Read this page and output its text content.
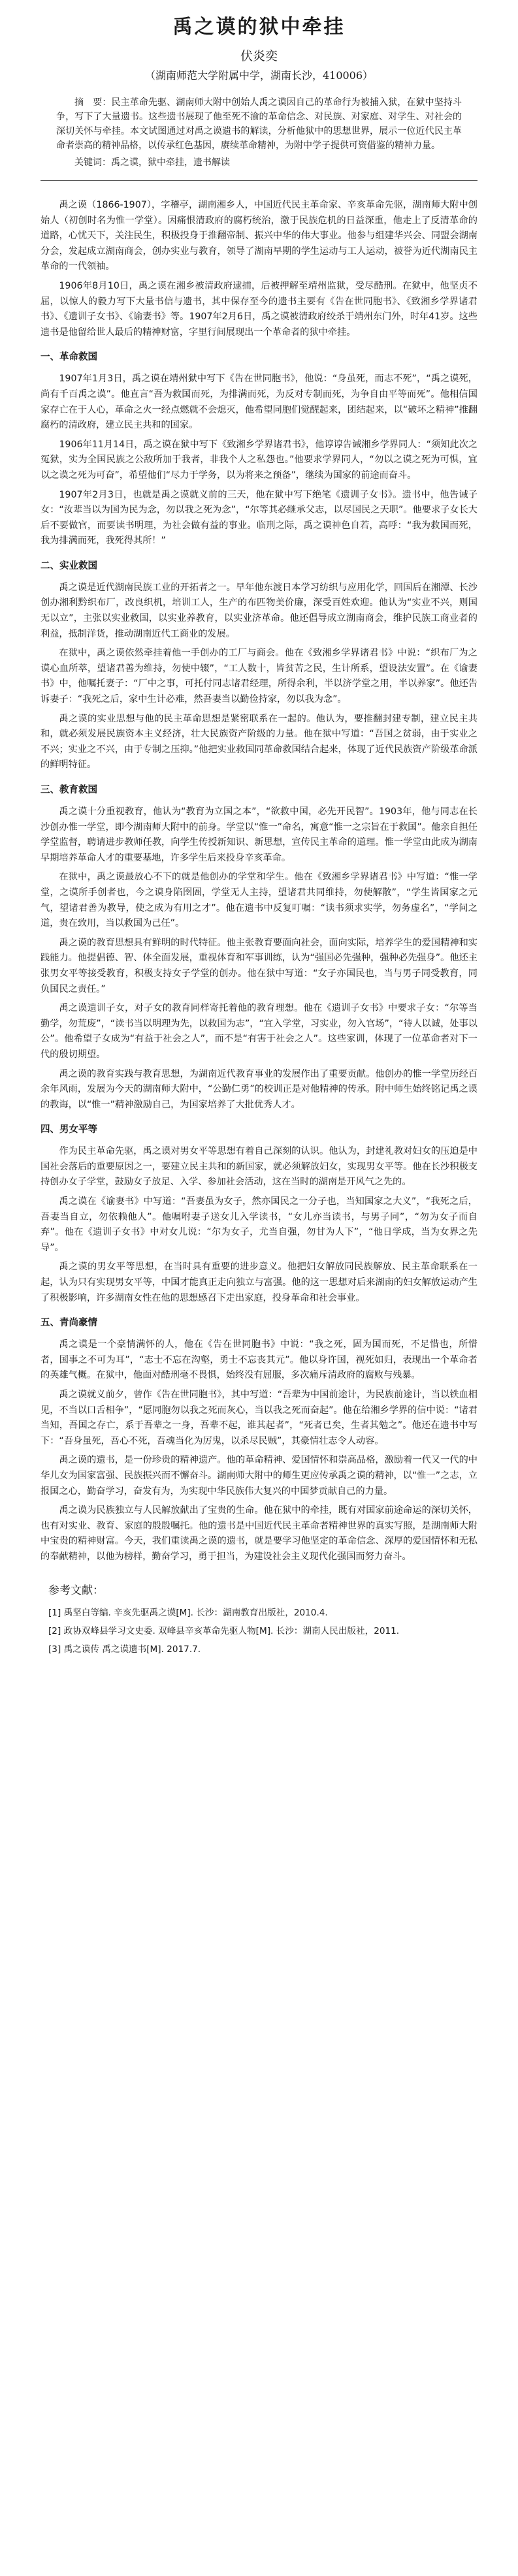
禹之谟的狱中牵挂
伏炎奕
（湖南师范大学附属中学，湖南长沙，410006）
摘　要：民主革命先驱、湖南师大附中创始人禹之谟因自己的革命行为被捕入狱，在狱中坚持斗争，写下了大量遗书。这些遗书展现了他至死不渝的革命信念、对民族、对家庭、对学生、对社会的深切关怀与牵挂。本文试图通过对禹之谟遗书的解读，分析他狱中的思想世界，展示一位近代民主革命者崇高的精神品格，以传承红色基因，赓续革命精神，为附中学子提供可资借鉴的精神力量。
关键词：禹之谟，狱中牵挂，遗书解读

禹之谟（1866-1907），字稽亭，湖南湘乡人，中国近代民主革命家、辛亥革命先驱，湖南师大附中创始人（初创时名为惟一学堂）。因痛恨清政府的腐朽统治，激于民族危机的日益深重，他走上了反清革命的道路，心忧天下，关注民生，积极投身于推翻帝制、振兴中华的伟大事业。他参与组建华兴会、同盟会湖南分会，发起成立湖南商会，创办实业与教育，领导了湖南早期的学生运动与工人运动，被誉为近代湖南民主革命的一代领袖。

1906年8月10日，禹之谟在湘乡被清政府逮捕，后被押解至靖州监狱，受尽酷刑。在狱中，他坚贞不屈，以惊人的毅力写下大量书信与遗书，其中保存至今的遗书主要有《告在世同胞书》、《致湘乡学界诸君书》、《遗训子女书》、《谕妻书》等。1907年2月6日，禹之谟被清政府绞杀于靖州东门外，时年41岁。这些遗书是他留给世人最后的精神财富，字里行间展现出一个革命者的狱中牵挂。

一、革命救国

1907年1月3日，禹之谟在靖州狱中写下《告在世同胞书》，他说：“身虽死，而志不死”，“禹之谟死，尚有千百禹之谟”。他直言“吾为救国而死，为排满而死，为反对专制而死，为争自由平等而死”。他相信国家存亡在于人心，革命之火一经点燃就不会熄灭，他希望同胞们觉醒起来，团结起来，以“破坏之精神”推翻腐朽的清政府，建立民主共和的国家。

1906年11月14日，禹之谟在狱中写下《致湘乡学界诸君书》，他谆谆告诫湘乡学界同人：“须知此次之冤狱，实为全国民族之公敌所加于我者，非我个人之私怨也。”他要求学界同人，“勿以之谟之死为可惧，宜以之谟之死为可奋”，希望他们“尽力于学务，以为将来之预备”，继续为国家的前途而奋斗。

1907年2月3日，也就是禹之谟就义前的三天，他在狱中写下绝笔《遗训子女书》。遗书中，他告诫子女：“汝辈当以为国为民为念，勿以我之死为念”，“尔等其必继承父志，以尽国民之天职”。他要求子女长大后不要做官，而要读书明理，为社会做有益的事业。临刑之际，禹之谟神色自若，高呼：“我为救国而死，我为排满而死，我死得其所！”

二、实业救国

禹之谟是近代湖南民族工业的开拓者之一。早年他东渡日本学习纺织与应用化学，回国后在湘潭、长沙创办湘利黔织布厂，改良织机，培训工人，生产的布匹物美价廉，深受百姓欢迎。他认为“实业不兴，则国无以立”，主张以实业救国，以实业养教育，以实业济革命。他还倡导成立湖南商会，维护民族工商业者的利益，抵制洋货，推动湖南近代工商业的发展。

在狱中，禹之谟依然牵挂着他一手创办的工厂与商会。他在《致湘乡学界诸君书》中说：“织布厂为之谟心血所萃，望诸君善为维持，勿使中辍”，“工人数十，皆贫苦之民，生计所系，望设法安置”。在《谕妻书》中，他嘱托妻子：“厂中之事，可托付同志诸君经理，所得余利，半以济学堂之用，半以养家”。他还告诉妻子：“我死之后，家中生计必难，然吾妻当以勤俭持家，勿以我为念”。

禹之谟的实业思想与他的民主革命思想是紧密联系在一起的。他认为，要推翻封建专制，建立民主共和，就必须发展民族资本主义经济，壮大民族资产阶级的力量。他在狱中写道：“吾国之贫弱，由于实业之不兴；实业之不兴，由于专制之压抑。”他把实业救国同革命救国结合起来，体现了近代民族资产阶级革命派的鲜明特征。

三、教育救国

禹之谟十分重视教育，他认为“教育为立国之本”，“欲救中国，必先开民智”。1903年，他与同志在长沙创办惟一学堂，即今湖南师大附中的前身。学堂以“惟一”命名，寓意“惟一之宗旨在于救国”。他亲自担任学堂监督，聘请进步教师任教，向学生传授新知识、新思想，宣传民主革命的道理。惟一学堂由此成为湖南早期培养革命人才的重要基地，许多学生后来投身辛亥革命。

在狱中，禹之谟最放心不下的就是他创办的学堂和学生。他在《致湘乡学界诸君书》中写道：“惟一学堂，之谟所手创者也，今之谟身陷囹圄，学堂无人主持，望诸君共同维持，勿使解散”，“学生皆国家之元气，望诸君善为教导，使之成为有用之才”。他在遗书中反复叮嘱：“读书须求实学，勿务虚名”，“学问之道，贵在致用，当以救国为己任”。

禹之谟的教育思想具有鲜明的时代特征。他主张教育要面向社会，面向实际，培养学生的爱国精神和实践能力。他提倡德、智、体全面发展，重视体育和军事训练，认为“强国必先强种，强种必先强身”。他还主张男女平等接受教育，积极支持女子学堂的创办。他在狱中写道：“女子亦国民也，当与男子同受教育，同负国民之责任。”

禹之谟遗训子女，对子女的教育同样寄托着他的教育理想。他在《遗训子女书》中要求子女：“尔等当勤学，勿荒废”，“读书当以明理为先，以救国为志”，“宜入学堂，习实业，勿入官场”，“待人以诚，处事以公”。他希望子女成为“有益于社会之人”，而不是“有害于社会之人”。这些家训，体现了一位革命者对下一代的殷切期望。

禹之谟的教育实践与教育思想，为湖南近代教育事业的发展作出了重要贡献。他创办的惟一学堂历经百余年风雨，发展为今天的湖南师大附中，“公勤仁勇”的校训正是对他精神的传承。附中师生始终铭记禹之谟的教诲，以“惟一”精神激励自己，为国家培养了大批优秀人才。

四、男女平等

作为民主革命先驱，禹之谟对男女平等思想有着自己深刻的认识。他认为，封建礼教对妇女的压迫是中国社会落后的重要原因之一，要建立民主共和的新国家，就必须解放妇女，实现男女平等。他在长沙积极支持创办女子学堂，鼓励女子放足、入学、参加社会活动，这在当时的湖南是开风气之先的。

禹之谟在《谕妻书》中写道：“吾妻虽为女子，然亦国民之一分子也，当知国家之大义”，“我死之后，吾妻当自立，勿依赖他人”。他嘱咐妻子送女儿入学读书，“女儿亦当读书，与男子同”，“勿为女子而自弃”。他在《遗训子女书》中对女儿说：“尔为女子，尤当自强，勿甘为人下”，“他日学成，当为女界之先导”。

禹之谟的男女平等思想，在当时具有重要的进步意义。他把妇女解放同民族解放、民主革命联系在一起，认为只有实现男女平等，中国才能真正走向独立与富强。他的这一思想对后来湖南的妇女解放运动产生了积极影响，许多湖南女性在他的思想感召下走出家庭，投身革命和社会事业。

五、青尚豪情

禹之谟是一个豪情满怀的人，他在《告在世同胞书》中说：“我之死，固为国而死，不足惜也，所惜者，国事之不可为耳”，“志士不忘在沟壑，勇士不忘丧其元”。他以身许国，视死如归，表现出一个革命者的英雄气概。在狱中，他面对酷刑毫不畏惧，始终没有屈服，多次痛斥清政府的腐败与残暴。

禹之谟就义前夕，曾作《告在世同胞书》，其中写道：“吾辈为中国前途计，为民族前途计，当以铁血相见，不当以口舌相争”，“愿同胞勿以我之死而灰心，当以我之死而奋起”。他在给湘乡学界的信中说：“诸君当知，吾国之存亡，系于吾辈之一身，吾辈不起，谁其起者”，“死者已矣，生者其勉之”。他还在遗书中写下：“吾身虽死，吾心不死，吾魂当化为厉鬼，以杀尽民贼”，其豪情壮志令人动容。

禹之谟的遗书，是一份珍贵的精神遗产。他的革命精神、爱国情怀和崇高品格，激励着一代又一代的中华儿女为国家富强、民族振兴而不懈奋斗。湖南师大附中的师生更应传承禹之谟的精神，以“惟一”之志，立报国之心，勤奋学习，奋发有为，为实现中华民族伟大复兴的中国梦贡献自己的力量。

禹之谟为民族独立与人民解放献出了宝贵的生命。他在狱中的牵挂，既有对国家前途命运的深切关怀，也有对实业、教育、家庭的殷殷嘱托。他的遗书是中国近代民主革命者精神世界的真实写照，是湖南师大附中宝贵的精神财富。今天，我们重读禹之谟的遗书，就是要学习他坚定的革命信念、深厚的爱国情怀和无私的奉献精神，以他为榜样，勤奋学习，勇于担当，为建设社会主义现代化强国而努力奋斗。

参考文献：
[1] 禹坚白等编. 辛亥先驱禹之谟[M]. 长沙：湖南教育出版社，2010.4.
[2] 政协双峰县学习文史委. 双峰县辛亥革命先驱人物[M]. 长沙：湖南人民出版社，2011.
[3] 禹之谟传 禹之谟遗书[M]. 2017.7.
